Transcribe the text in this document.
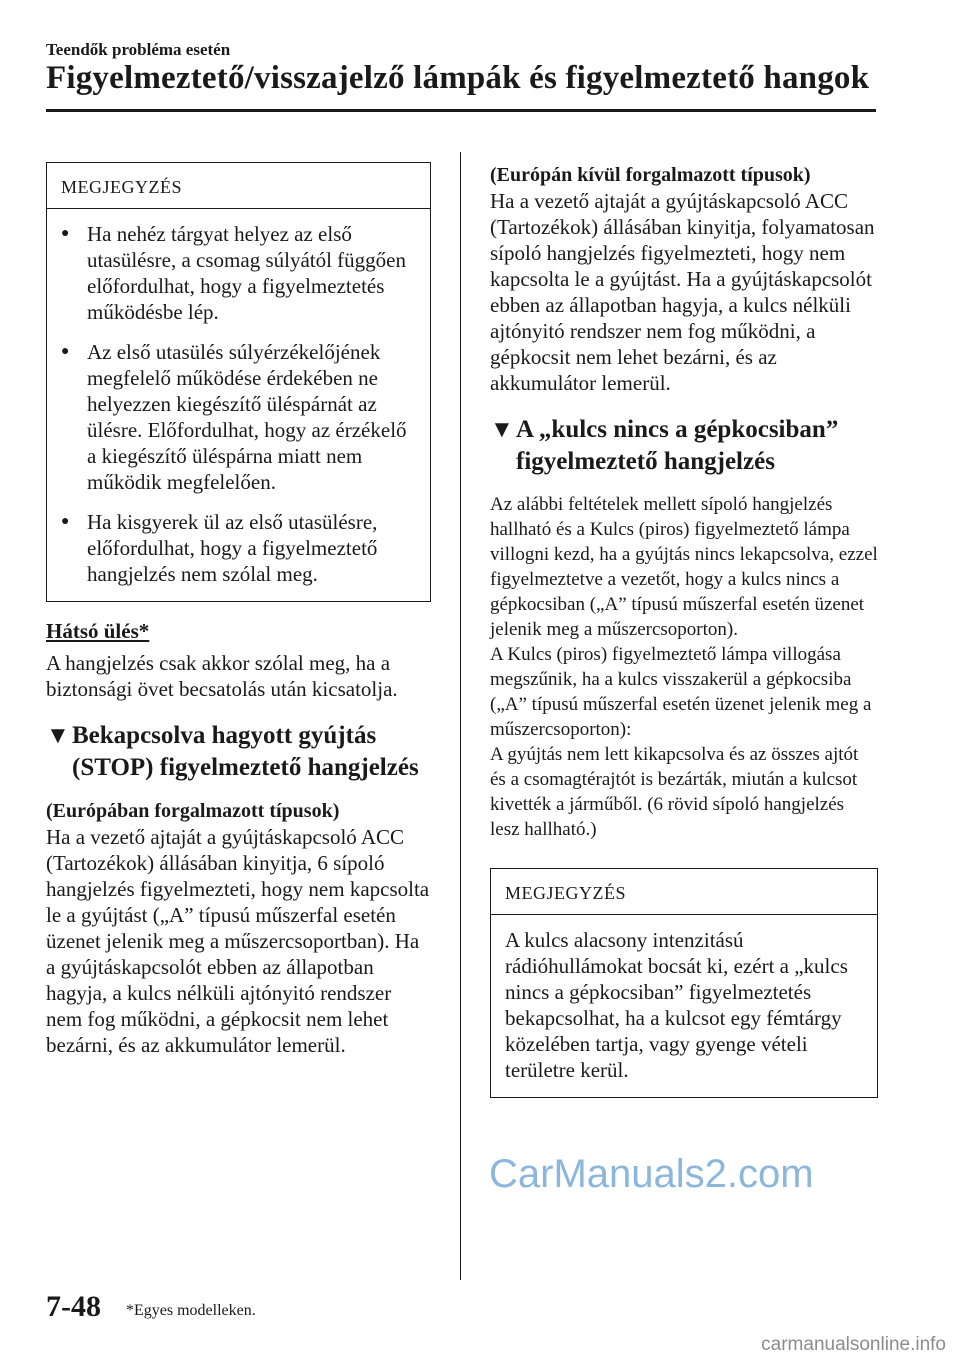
Teendők probléma esetén
Figyelmeztető/visszajelző lámpák és figyelmeztető hangok
MEGJEGYZÉS
● Ha nehéz tárgyat helyez az első utasülésre, a csomag súlyától függően előfordulhat, hogy a figyelmeztetés működésbe lép.
● Az első utasülés súlyérzékelőjének megfelelő működése érdekében ne helyezzen kiegészítő üléspárnát az ülésre. Előfordulhat, hogy az érzékelő a kiegészítő üléspárna miatt nem működik megfelelően.
● Ha kisgyerek ül az első utasülésre, előfordulhat, hogy a figyelmeztető hangjelzés nem szólal meg.
Hátsó ülés*
A hangjelzés csak akkor szólal meg, ha a biztonsági övet becsatolás után kicsatolja.
▼ Bekapcsolva hagyott gyújtás (STOP) figyelmeztető hangjelzés
(Európában forgalmazott típusok)
Ha a vezető ajtaját a gyújtáskapcsoló ACC (Tartozékok) állásában kinyitja, 6 sípoló hangjelzés figyelmezteti, hogy nem kapcsolta le a gyújtást („A” típusú műszerfal esetén üzenet jelenik meg a műszercsoportban). Ha a gyújtáskapcsolót ebben az állapotban hagyja, a kulcs nélküli ajtónyitó rendszer nem fog működni, a gépkocsit nem lehet bezárni, és az akkumulátor lemerül.
(Európán kívül forgalmazott típusok)
Ha a vezető ajtaját a gyújtáskapcsoló ACC (Tartozékok) állásában kinyitja, folyamatosan sípoló hangjelzés figyelmezteti, hogy nem kapcsolta le a gyújtást. Ha a gyújtáskapcsolót ebben az állapotban hagyja, a kulcs nélküli ajtónyitó rendszer nem fog működni, a gépkocsit nem lehet bezárni, és az akkumulátor lemerül.
▼ A „kulcs nincs a gépkocsiban” figyelmeztető hangjelzés
Az alábbi feltételek mellett sípoló hangjelzés hallható és a Kulcs (piros) figyelmeztető lámpa villogni kezd, ha a gyújtás nincs lekapcsolva, ezzel figyelmeztetve a vezetőt, hogy a kulcs nincs a gépkocsiban („A” típusú műszerfal esetén üzenet jelenik meg a műszercsoporton).
A Kulcs (piros) figyelmeztető lámpa villogása megszűnik, ha a kulcs visszakerül a gépkocsiba („A” típusú műszerfal esetén üzenet jelenik meg a műszercsoporton):
A gyújtás nem lett kikapcsolva és az összes ajtót és a csomagtérajtót is bezárták, miután a kulcsot kivették a járműből. (6 rövid sípoló hangjelzés lesz hallható.)
MEGJEGYZÉS
A kulcs alacsony intenzitású rádióhullámokat bocsát ki, ezért a „kulcs nincs a gépkocsiban” figyelmeztetés bekapcsolhat, ha a kulcsot egy fémtárgy közelében tartja, vagy gyenge vételi területre kerül.
CarManuals2.com
7-48 *Egyes modelleken.
carmanualsonline.info
